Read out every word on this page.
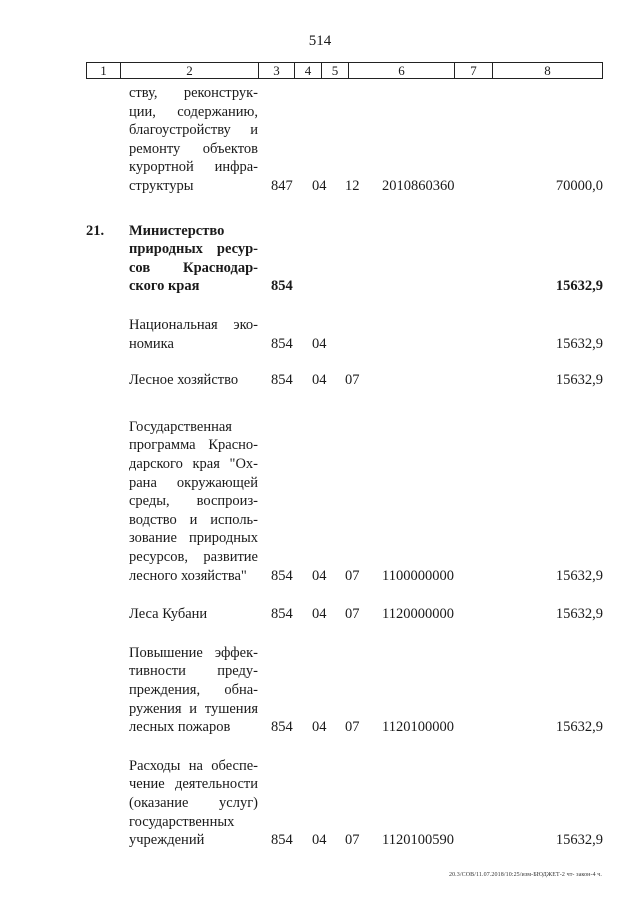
514
1	2	3	4	5	6	7	8
ству, реконструк-
ции, содержанию,
благоустройству и
ремонту объектов
курортной инфра-
структуры	847 04 12 2010860360	70000,0
21. Министерство
природных ресур-
сов Краснодар-
ского края	854	15632,9
Национальная эко-
номика	854 04	15632,9
Лесное хозяйство	854 04 07	15632,9
Государственная
программа Красно-
дарского края "Ох-
рана окружающей
среды, воспроиз-
водство и исполь-
зование природных
ресурсов, развитие
лесного хозяйства"	854 04 07 1100000000	15632,9
Леса Кубани	854 04 07 1120000000	15632,9
Повышение эффек-
тивности преду-
преждения, обна-
ружения и тушения
лесных пожаров	854 04 07 1120100000	15632,9
Расходы на обеспе-
чение деятельности
(оказание услуг)
государственных
учреждений	854 04 07 1120100590	15632,9
20.3/СОВ/11.07.2018/10:25/изм-БЮДЖЕТ-2 чт- закон-4 ч.
